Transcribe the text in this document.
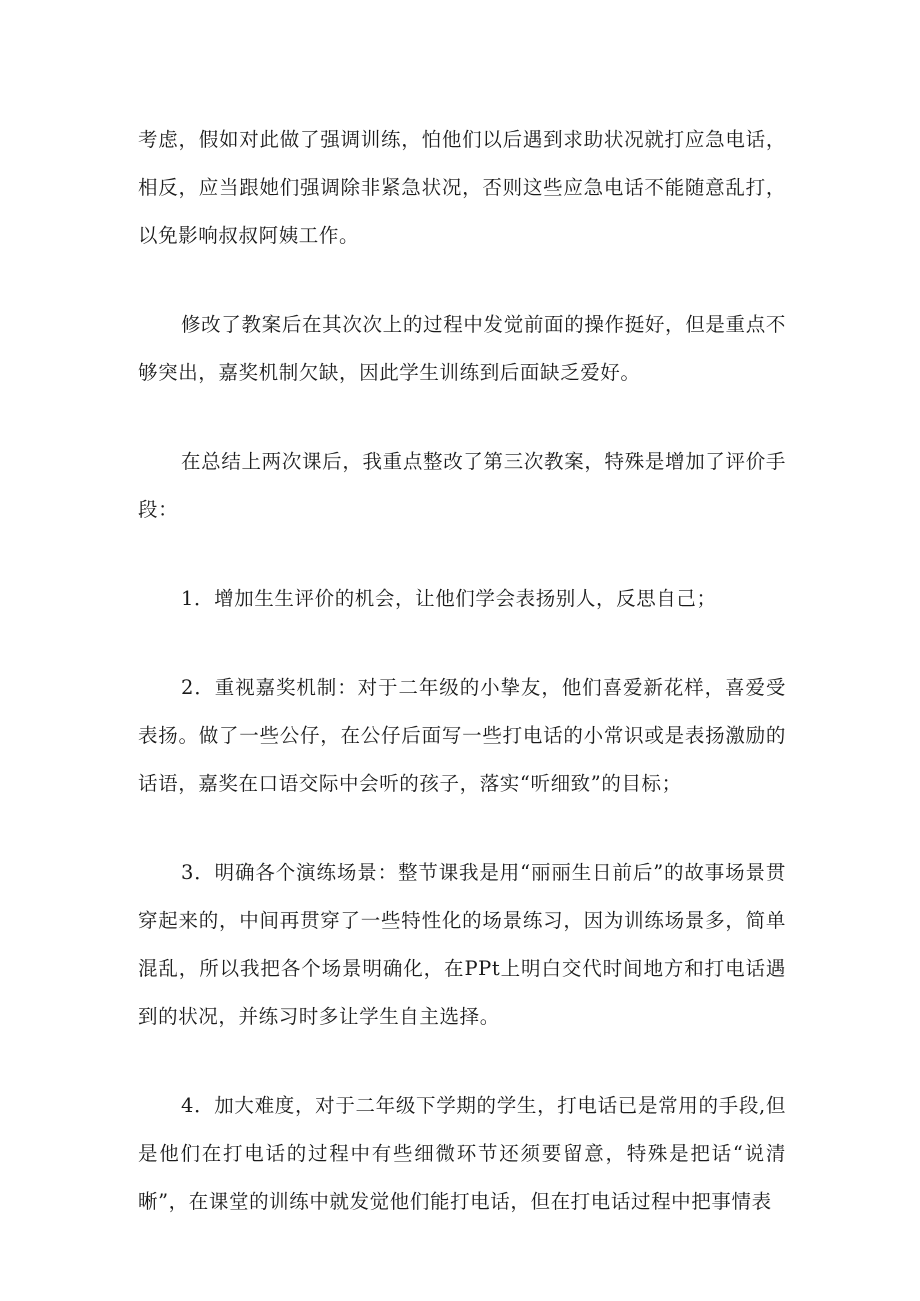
考虑，假如对此做了强调训练，怕他们以后遇到求助状况就打应急电话，相反，应当跟她们强调除非紧急状况，否则这些应急电话不能随意乱打，以免影响叔叔阿姨工作。

修改了教案后在其次次上的过程中发觉前面的操作挺好，但是重点不够突出，嘉奖机制欠缺，因此学生训练到后面缺乏爱好。

在总结上两次课后，我重点整改了第三次教案，特殊是增加了评价手段：

1．增加生生评价的机会，让他们学会表扬别人，反思自己；

2．重视嘉奖机制：对于二年级的小挚友，他们喜爱新花样，喜爱受表扬。做了一些公仔，在公仔后面写一些打电话的小常识或是表扬激励的话语，嘉奖在口语交际中会听的孩子，落实“听细致”的目标；

3．明确各个演练场景：整节课我是用“丽丽生日前后”的故事场景贯穿起来的，中间再贯穿了一些特性化的场景练习，因为训练场景多，简单混乱，所以我把各个场景明确化，在PPt上明白交代时间地方和打电话遇到的状况，并练习时多让学生自主选择。

4．加大难度，对于二年级下学期的学生，打电话已是常用的手段,但是他们在打电话的过程中有些细微环节还须要留意，特殊是把话“说清晰”，在课堂的训练中就发觉他们能打电话，但在打电话过程中把事情表
